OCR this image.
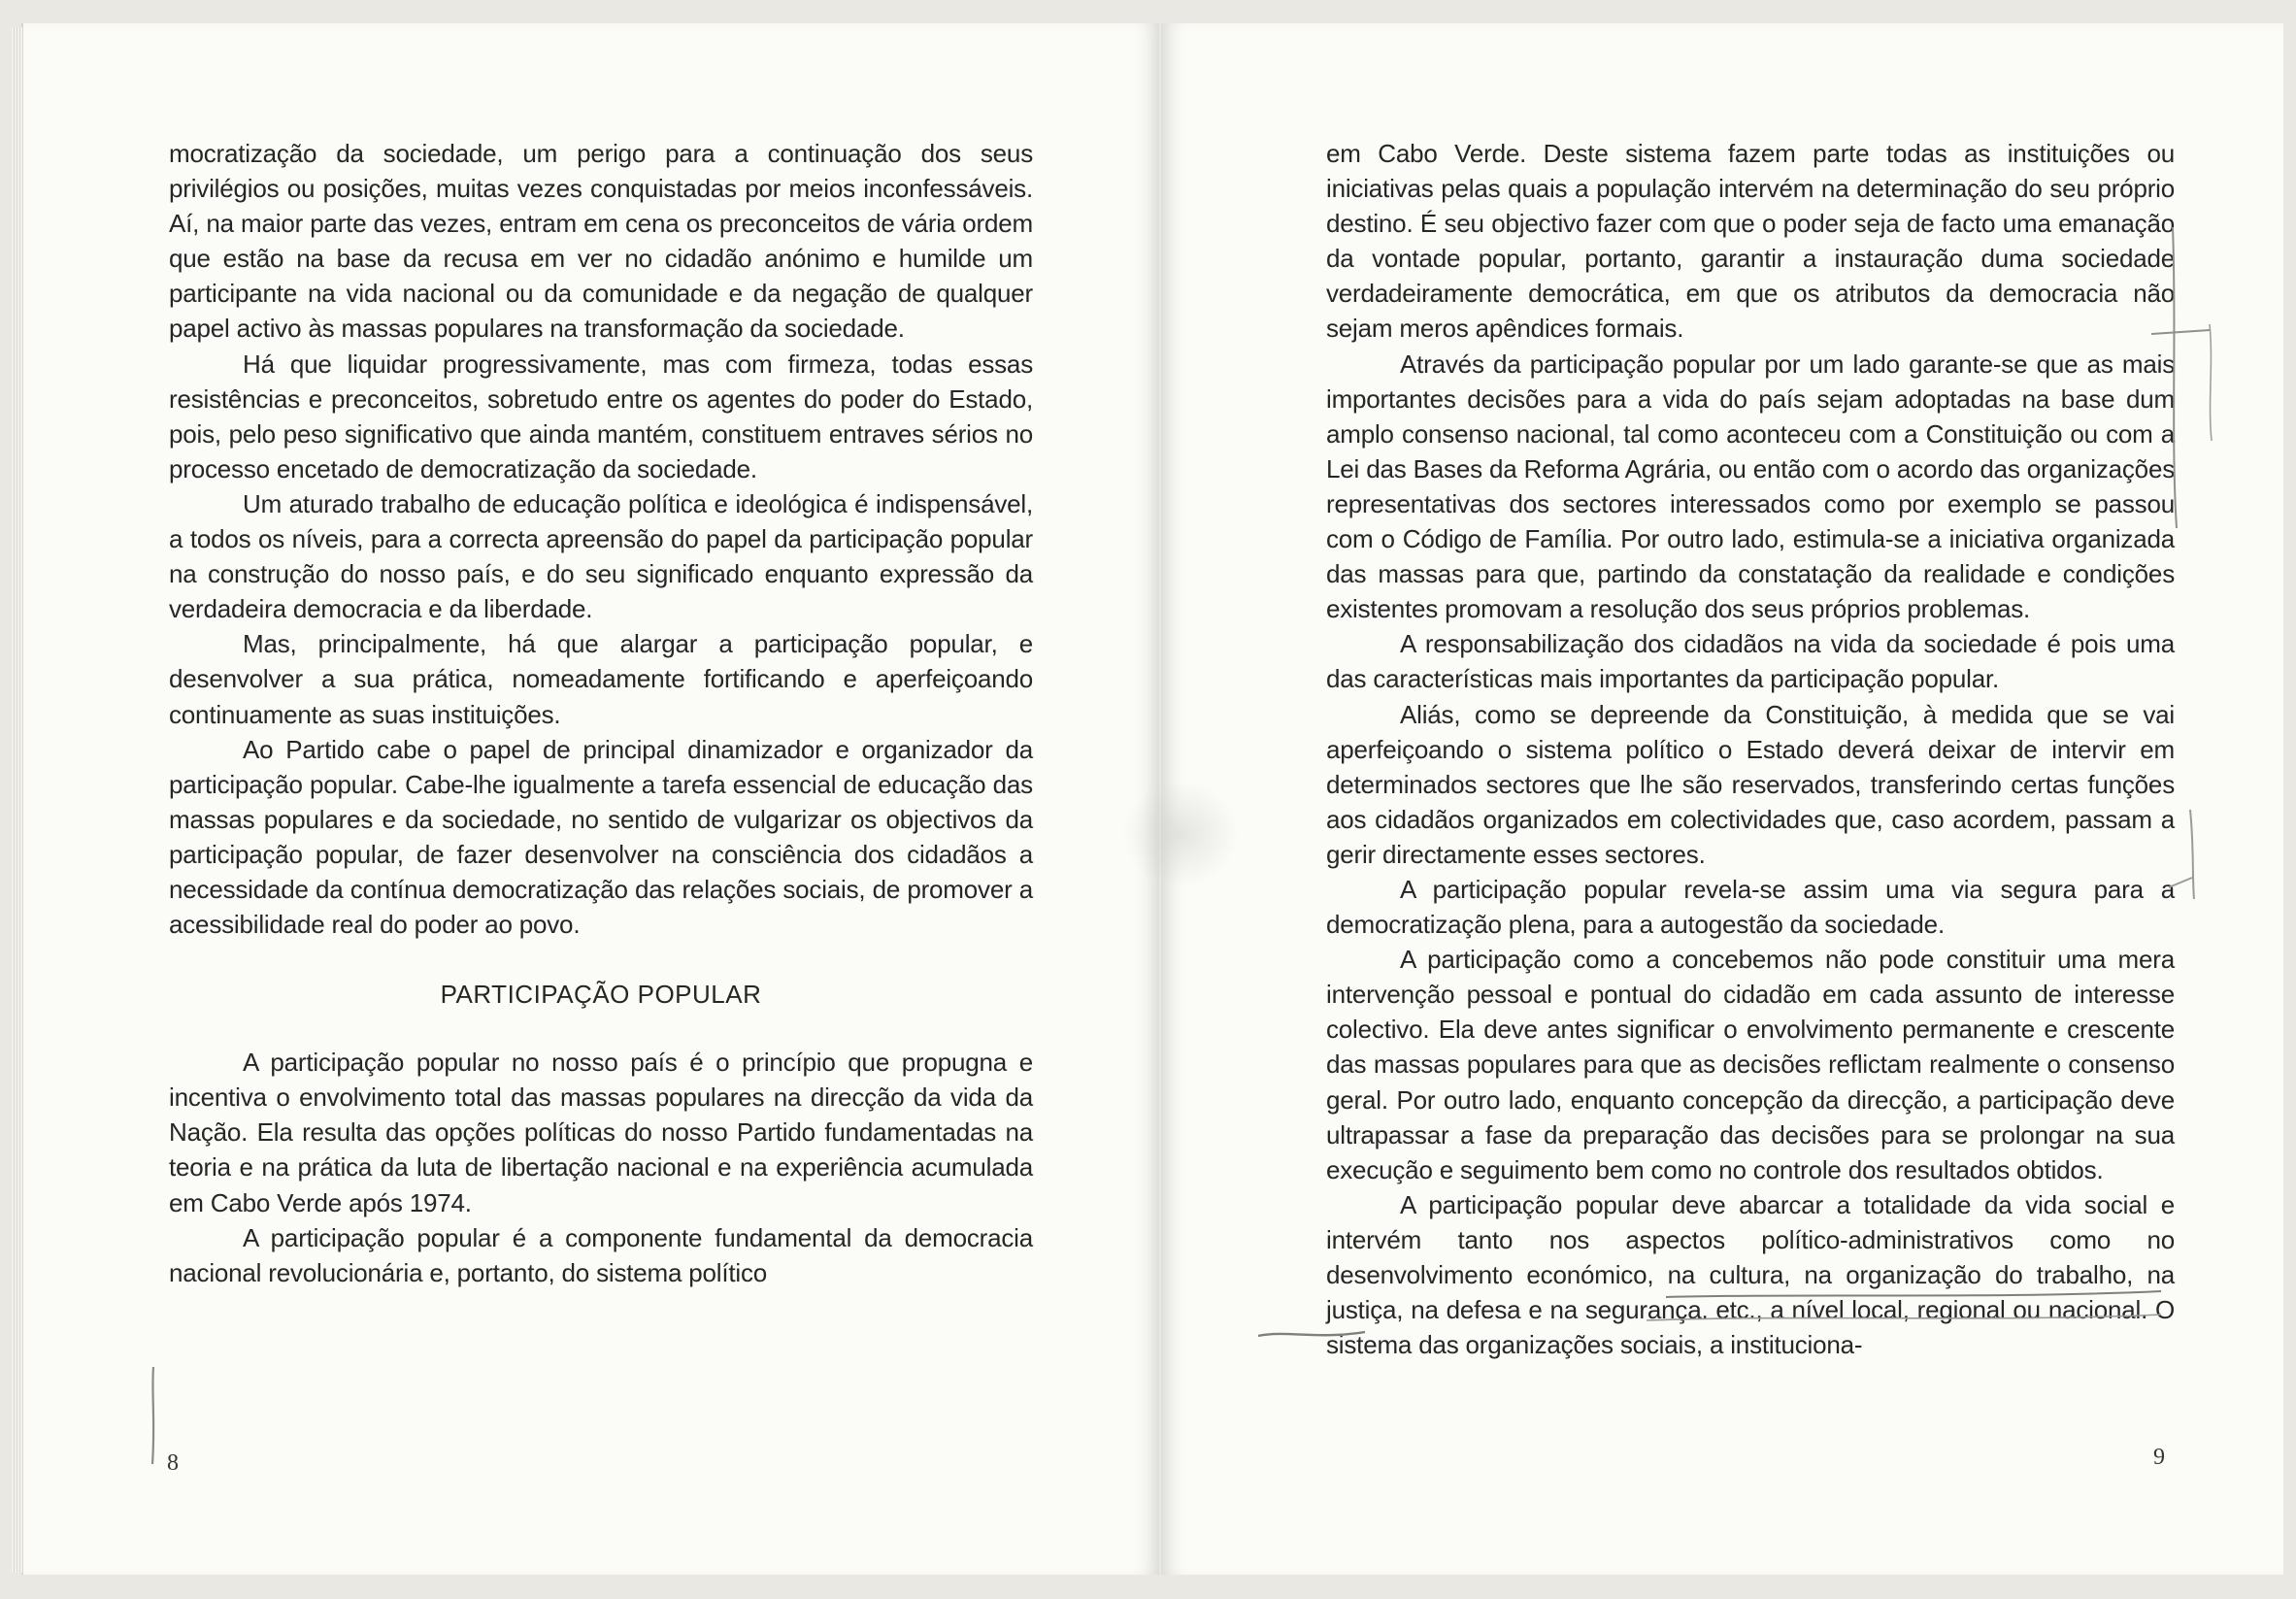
mocratização da sociedade, um perigo para a continuação dos seus privilégios ou posições, muitas vezes conquistadas por meios inconfessáveis. Aí, na maior parte das vezes, entram em cena os preconceitos de vária ordem que estão na base da recusa em ver no cidadão anónimo e humilde um participante na vida nacional ou da comunidade e da negação de qualquer papel activo às massas populares na transformação da sociedade.

Há que liquidar progressivamente, mas com firmeza, todas essas resistências e preconceitos, sobretudo entre os agentes do poder do Estado, pois, pelo peso significativo que ainda mantém, constituem entraves sérios no processo encetado de democratização da sociedade.

Um aturado trabalho de educação política e ideológica é indispensável, a todos os níveis, para a correcta apreensão do papel da participação popular na construção do nosso país, e do seu significado enquanto expressão da verdadeira democracia e da liberdade.

Mas, principalmente, há que alargar a participação popular, e desenvolver a sua prática, nomeadamente fortificando e aperfeiçoando continuamente as suas instituições.

Ao Partido cabe o papel de principal dinamizador e organizador da participação popular. Cabe-lhe igualmente a tarefa essencial de educação das massas populares e da sociedade, no sentido de vulgarizar os objectivos da participação popular, de fazer desenvolver na consciência dos cidadãos a necessidade da contínua democratização das relações sociais, de promover a acessibilidade real do poder ao povo.

PARTICIPAÇÃO POPULAR

A participação popular no nosso país é o princípio que propugna e incentiva o envolvimento total das massas populares na direcção da vida da Nação. Ela resulta das opções políticas do nosso Partido fundamentadas na teoria e na prática da luta de libertação nacional e na experiência acumulada em Cabo Verde após 1974.

A participação popular é a componente fundamental da democracia nacional revolucionária e, portanto, do sistema político

8

em Cabo Verde. Deste sistema fazem parte todas as instituições ou iniciativas pelas quais a população intervém na determinação do seu próprio destino. É seu objectivo fazer com que o poder seja de facto uma emanação da vontade popular, portanto, garantir a instauração duma sociedade verdadeiramente democrática, em que os atributos da democracia não sejam meros apêndices formais.

Através da participação popular por um lado garante-se que as mais importantes decisões para a vida do país sejam adoptadas na base dum amplo consenso nacional, tal como aconteceu com a Constituição ou com a Lei das Bases da Reforma Agrária, ou então com o acordo das organizações representativas dos sectores interessados como por exemplo se passou com o Código de Família. Por outro lado, estimula-se a iniciativa organizada das massas para que, partindo da constatação da realidade e condições existentes promovam a resolução dos seus próprios problemas.

A responsabilização dos cidadãos na vida da sociedade é pois uma das características mais importantes da participação popular.

Aliás, como se depreende da Constituição, à medida que se vai aperfeiçoando o sistema político o Estado deverá deixar de intervir em determinados sectores que lhe são reservados, transferindo certas funções aos cidadãos organizados em colectividades que, caso acordem, passam a gerir directamente esses sectores.

A participação popular revela-se assim uma via segura para a democratização plena, para a autogestão da sociedade.

A participação como a concebemos não pode constituir uma mera intervenção pessoal e pontual do cidadão em cada assunto de interesse colectivo. Ela deve antes significar o envolvimento permanente e crescente das massas populares para que as decisões reflictam realmente o consenso geral. Por outro lado, enquanto concepção da direcção, a participação deve ultrapassar a fase da preparação das decisões para se prolongar na sua execução e seguimento bem como no controle dos resultados obtidos.

A participação popular deve abarcar a totalidade da vida social e intervém tanto nos aspectos político-administrativos como no desenvolvimento económico, na cultura, na organização do trabalho, na justiça, na defesa e na segurança. etc., a nível local, regional ou nacional. O sistema das organizações sociais, a instituciona-

9
